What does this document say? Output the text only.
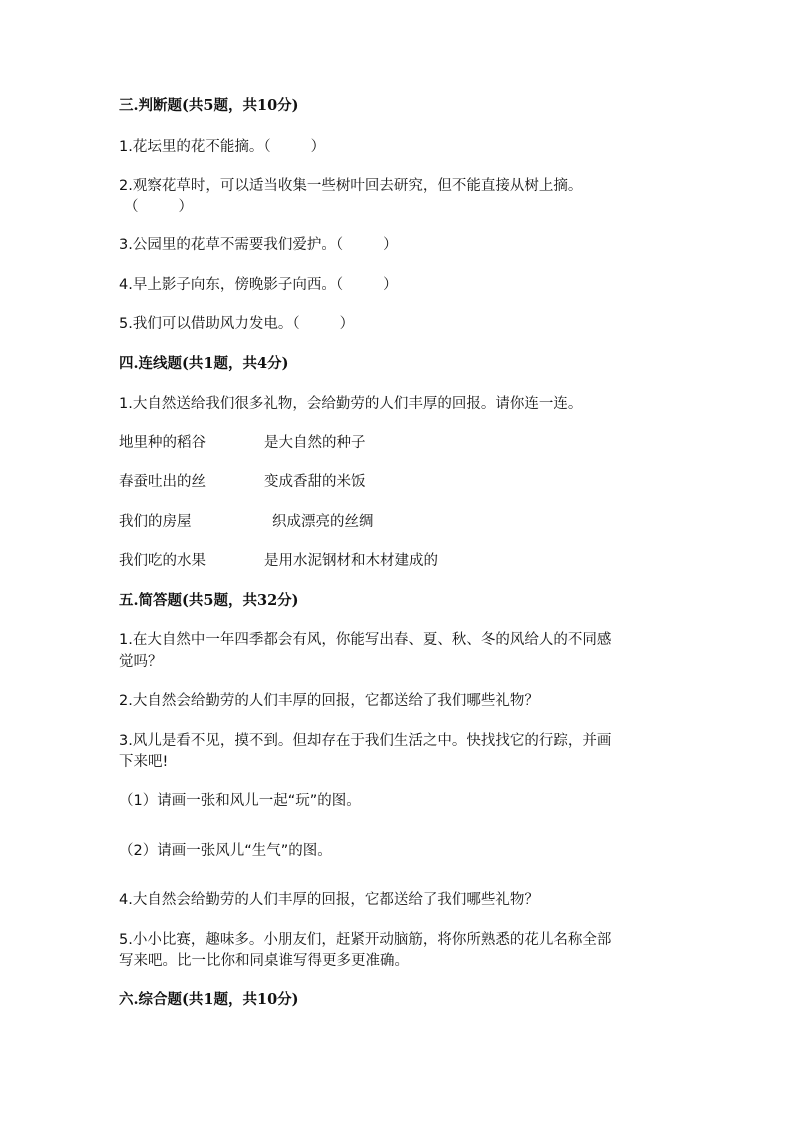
三.判断题(共5题，共10分)
1.花坛里的花不能摘。（	）
2.观察花草时，可以适当收集一些树叶回去研究，但不能直接从树上摘。
（	）
3.公园里的花草不需要我们爱护。（	）
4.早上影子向东，傍晚影子向西。（	）
5.我们可以借助风力发电。（	）
四.连线题(共1题，共4分)
1.大自然送给我们很多礼物，会给勤劳的人们丰厚的回报。请你连一连。
地里种的稻谷	是大自然的种子
春蚕吐出的丝	变成香甜的米饭
我们的房屋	织成漂亮的丝绸
我们吃的水果	是用水泥钢材和木材建成的
五.简答题(共5题，共32分)
1.在大自然中一年四季都会有风，你能写出春、夏、秋、冬的风给人的不同感
觉吗？
2.大自然会给勤劳的人们丰厚的回报，它都送给了我们哪些礼物？
3.风儿是看不见，摸不到。但却存在于我们生活之中。快找找它的行踪，并画
下来吧!
（1）请画一张和风儿一起“玩”的图。
（2）请画一张风儿“生气”的图。
4.大自然会给勤劳的人们丰厚的回报，它都送给了我们哪些礼物？
5.小小比赛，趣味多。小朋友们，赶紧开动脑筋，将你所熟悉的花儿名称全部
写来吧。比一比你和同桌谁写得更多更准确。
六.综合题(共1题，共10分)
